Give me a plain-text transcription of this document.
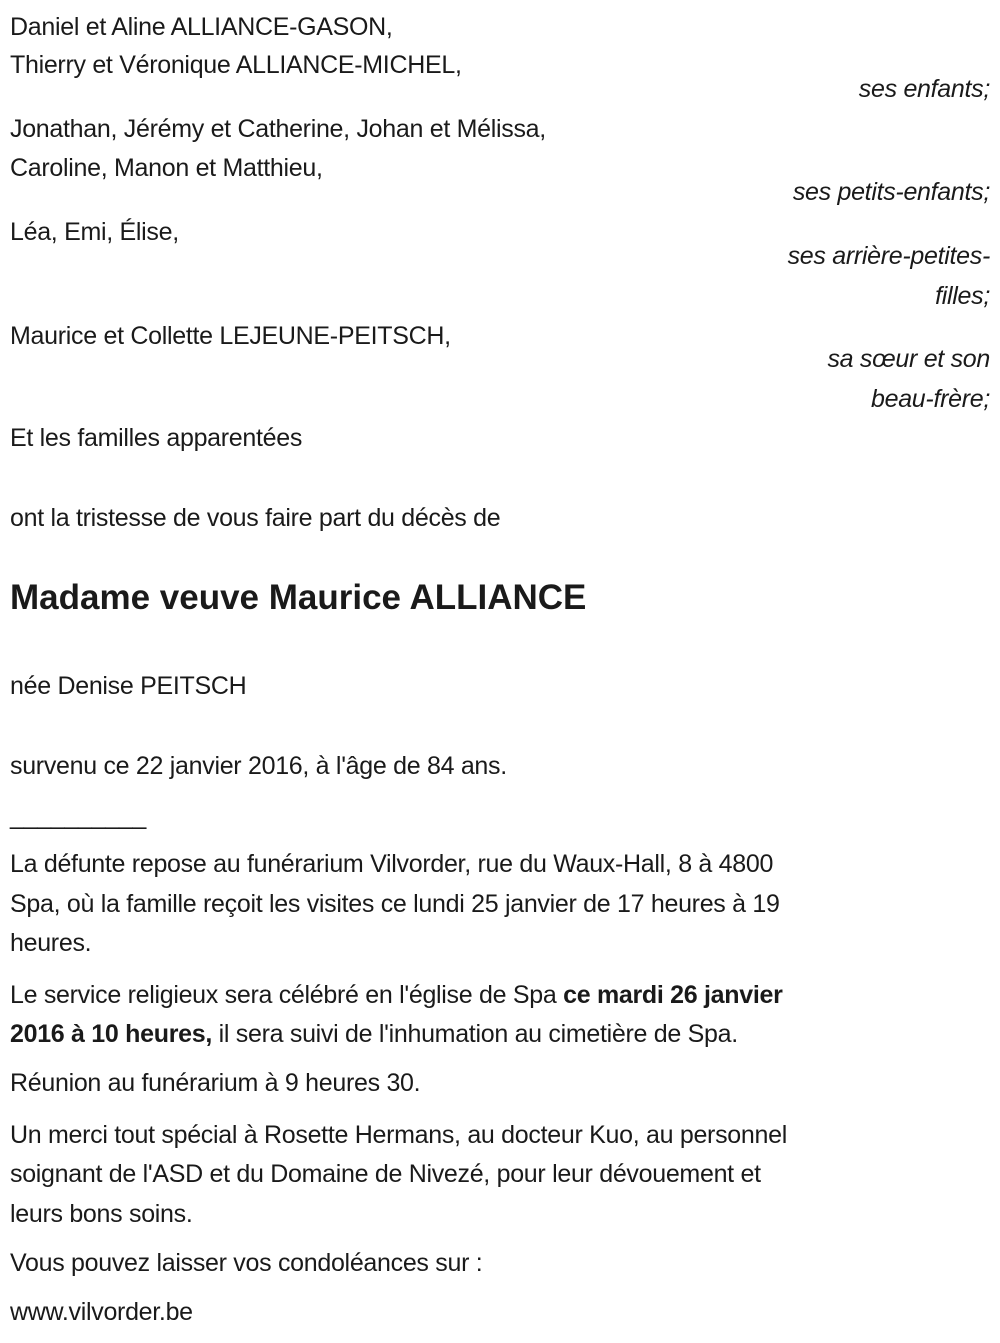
Daniel et Aline ALLIANCE-GASON,
Thierry et Véronique ALLIANCE-MICHEL,
ses enfants;
Jonathan, Jérémy et Catherine, Johan et Mélissa,
Caroline, Manon et Matthieu,
ses petits-enfants;
Léa, Emi, Élise,
ses arrière-petites-
filles;
Maurice et Collette LEJEUNE-PEITSCH,
sa sœur et son
beau-frère;
Et les familles apparentées
ont la tristesse de vous faire part du décès de
Madame veuve Maurice ALLIANCE
née Denise PEITSCH
survenu ce 22 janvier 2016, à l'âge de 84 ans.
__________
La défunte repose au funérarium Vilvorder, rue du Waux-Hall, 8 à 4800
Spa, où la famille reçoit les visites ce lundi 25 janvier de 17 heures à 19
heures.
Le service religieux sera célébré en l'église de Spa ce mardi 26 janvier
2016 à 10 heures, il sera suivi de l'inhumation au cimetière de Spa.
Réunion au funérarium à 9 heures 30.
Un merci tout spécial à Rosette Hermans, au docteur Kuo, au personnel
soignant de l'ASD et du Domaine de Nivezé, pour leur dévouement et
leurs bons soins.
Vous pouvez laisser vos condoléances sur :
www.vilvorder.be
